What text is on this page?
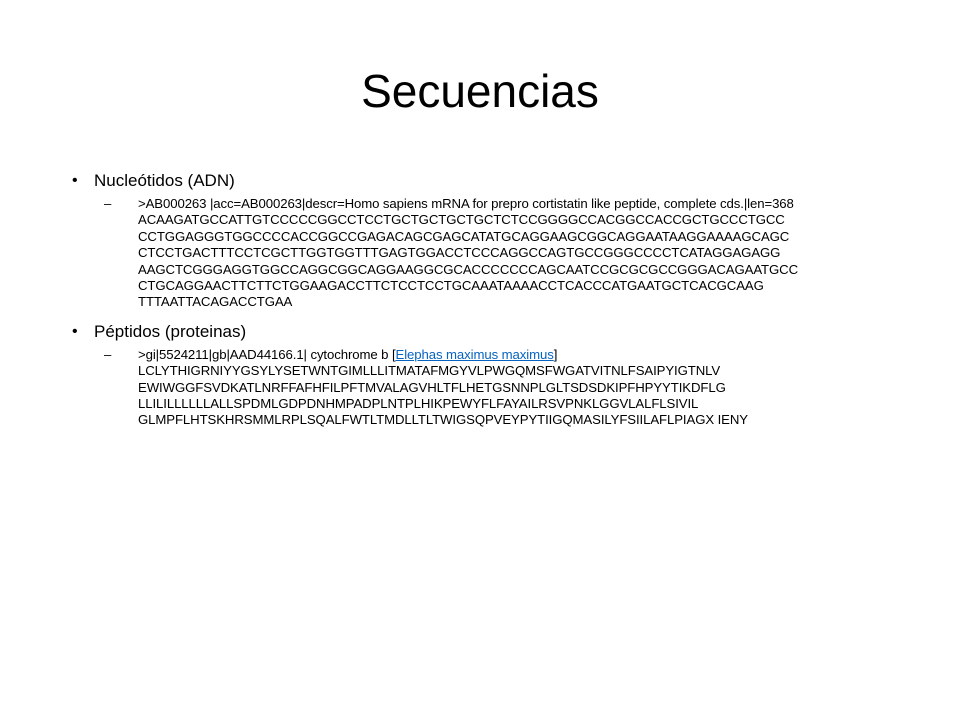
Secuencias
• Nucleótidos (ADN)
– >AB000263 |acc=AB000263|descr=Homo sapiens mRNA for prepro cortistatin like peptide, complete cds.|len=368
ACAAGATGCCATTGTCCCCCGGCCTCCTGCTGCTGCTGCTCTCCGGGGCCACGGCCACCGCTGCCCTGCC
CCTGGAGGGTGGCCCCACCGGCCGAGACAGCGAGCATATGCAGGAAGCGGCAGGAATAAGGAAAAGCAGC
CTCCTGACTTTCCTCGCTTGGTGGTTTGAGTGGACCTCCCAGGCCAGTGCCGGGCCCCTCATAGGAGAGG
AAGCTCGGGAGGTGGCCAGGCGGCAGGAAGGCGCACCCCCCCAGCAATCCGCGCGCCGGGACAGAATGCC
CTGCAGGAACTTCTTCTGGAAGACCTTCTCCTCCTGCAAATAAAACCTCACCCATGAATGCTCACGCAAG
TTTAATTACAGACCTGAA
• Péptidos (proteinas)
– >gi|5524211|gb|AAD44166.1| cytochrome b [Elephas maximus maximus]
LCLYTHIGRNIYYGSYLYSETWNTGIMLLLITMATAFMGYVLPWGQMSFWGATVITNLFSAIPYIGTNLV
EWIWGGFSVDKATLNRFFAFHFILPFTMVALAGVHLTFLHETGSNNPLGLTSDSDKIPFHPYYTIKDFLG
LLILILLLLLLALLSPDMLGDPDNHMPADPLNTPLHIKPEWYFLFAYAILRSVPNKLGGVLALFLSIVIL
GLMPFLHTSKHRSMMLRPLSQALFWTLTMDLLTLTWIGSQPVEYPYTIIGQMASILYFSIILAFLPIAGX IENY
